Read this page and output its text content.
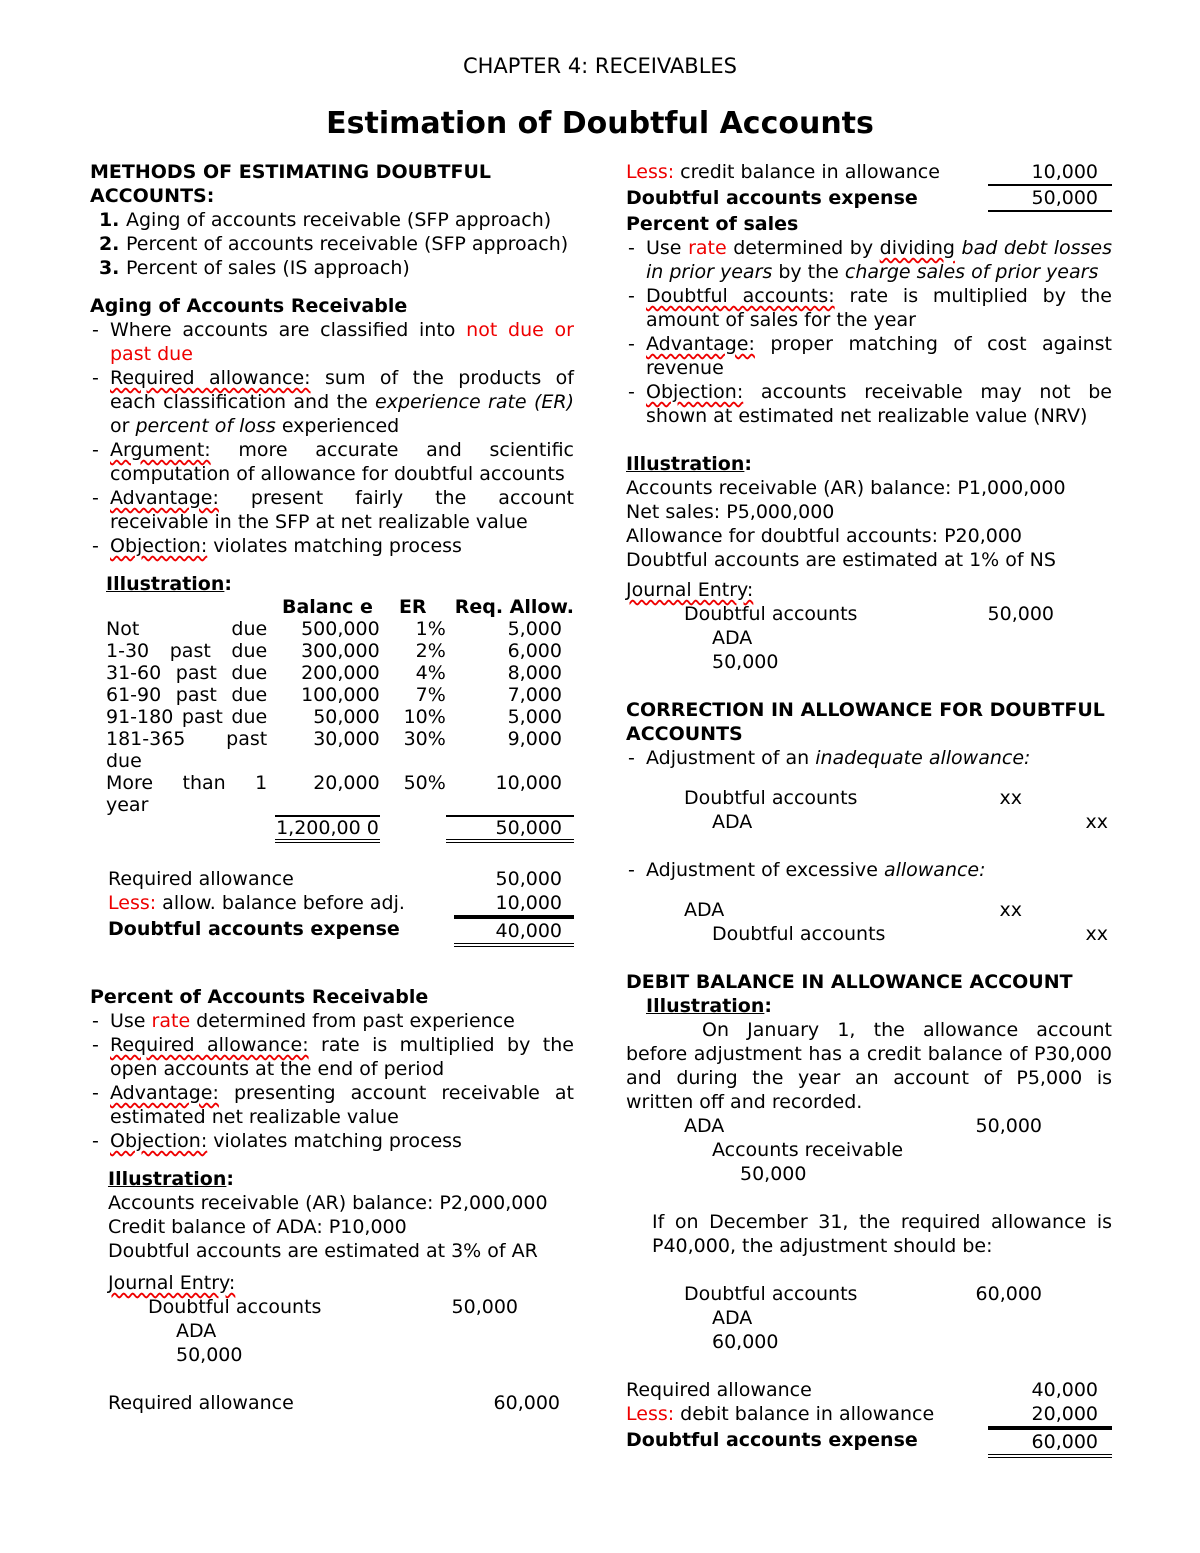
CHAPTER 4: RECEIVABLES
Estimation of Doubtful Accounts
METHODS OF ESTIMATING DOUBTFUL ACCOUNTS:
1. Aging of accounts receivable (SFP approach)
2. Percent of accounts receivable (SFP approach)
3. Percent of sales (IS approach)
Aging of Accounts Receivable
- Where accounts are classified into not due or past due
- Required allowance: sum of the products of each classification and the experience rate (ER) or percent of loss experienced
- Argument: more accurate and scientific computation of allowance for doubtful accounts
- Advantage: present fairly the account receivable in the SFP at net realizable value
- Objection: violates matching process
Illustration:
	Balanc e	ER	Req. Allow.
Not due	500,000	1%	5,000
1-30 past due	300,000	2%	6,000
31-60 past due	200,000	4%	8,000
61-90 past due	100,000	7%	7,000
91-180 past due	50,000	10%	5,000
181-365 past due	30,000	30%	9,000
More than 1 year	20,000	50%	10,000
	1,200,00 0		50,000
Required allowance	50,000
Less: allow. balance before adj.	10,000
Doubtful accounts expense	40,000
Percent of Accounts Receivable
- Use rate determined from past experience
- Required allowance: rate is multiplied by the open accounts at the end of period
- Advantage: presenting account receivable at estimated net realizable value
- Objection: violates matching process
Illustration:
Accounts receivable (AR) balance: P2,000,000
Credit balance of ADA: P10,000
Doubtful accounts are estimated at 3% of AR
Journal Entry:
Doubtful accounts	50,000
ADA
50,000
Required allowance	60,000
Less: credit balance in allowance	10,000
Doubtful accounts expense	50,000
Percent of sales
- Use rate determined by dividing bad debt losses in prior years by the charge sales of prior years
- Doubtful accounts: rate is multiplied by the amount of sales for the year
- Advantage: proper matching of cost against revenue
- Objection: accounts receivable may not be shown at estimated net realizable value (NRV)
Illustration:
Accounts receivable (AR) balance: P1,000,000
Net sales: P5,000,000
Allowance for doubtful accounts: P20,000
Doubtful accounts are estimated at 1% of NS
Journal Entry:
Doubtful accounts	50,000
ADA
50,000
CORRECTION IN ALLOWANCE FOR DOUBTFUL ACCOUNTS
- Adjustment of an inadequate allowance:
Doubtful accounts	xx
ADA	xx
- Adjustment of excessive allowance:
ADA	xx
Doubtful accounts	xx
DEBIT BALANCE IN ALLOWANCE ACCOUNT
Illustration:
On January 1, the allowance account before adjustment has a credit balance of P30,000 and during the year an account of P5,000 is written off and recorded.
ADA	50,000
Accounts receivable
50,000
If on December 31, the required allowance is P40,000, the adjustment should be:
Doubtful accounts	60,000
ADA
60,000
Required allowance	40,000
Less: debit balance in allowance	20,000
Doubtful accounts expense	60,000
